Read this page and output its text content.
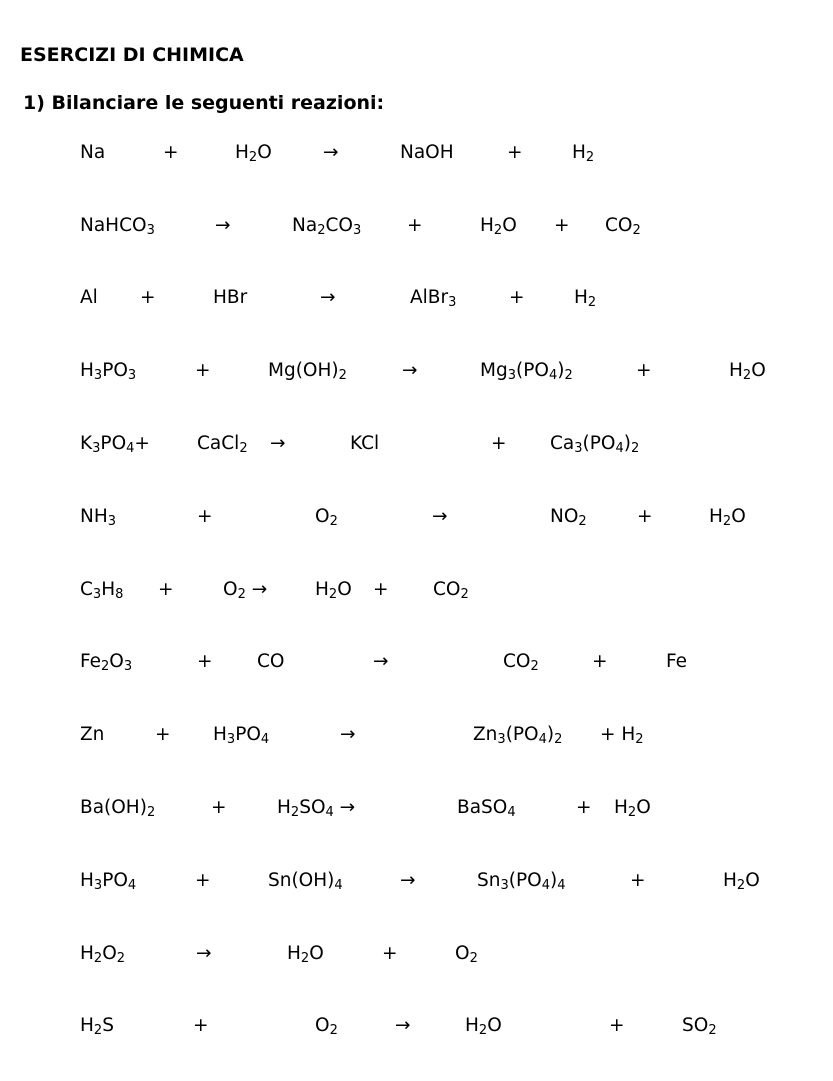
ESERCIZI DI CHIMICA
1) Bilanciare le seguenti reazioni:
Na	+	$H_2O$	→	NaOH	+	$H_2$
NaHCO$_3$	→	$Na_2CO_3$ +	$H_2O + CO_2$
Al +	HBr	→	AlBr$_3$	+	$H_2$
$H_3PO_3$	+	$Mg(OH)_2$	→	$Mg_3(PO_4)_2$	+	$H_2O$
$K_3PO_4+$	CaCl$_2$ →	KCl	+ $Ca_3(PO_4)_2$
$NH_3$	+	$O_2$	→	$NO_2$	+	$H_2O$
$C_3H_8$ +	$O_2$ →	$H_2O + CO_2$
$Fe_2O_3$	+ CO	→	$CO_2$	+	Fe
Zn	+ $H_3PO_4$	→	$Zn_3(PO_4)_2 + H_2$
$Ba(OH)_2$	+	$H_2SO_4$ →	BaSO$_4$	+ $H_2O$
$H_3PO_4$	+	$Sn(OH)_4$	→	$Sn_3(PO_4)_4$	+	$H_2O$
$H_2O_2$	→	$H_2O$	+	$O_2$
$H_2S$	+	$O_2$	→	$H_2O$	+	$SO_2$
